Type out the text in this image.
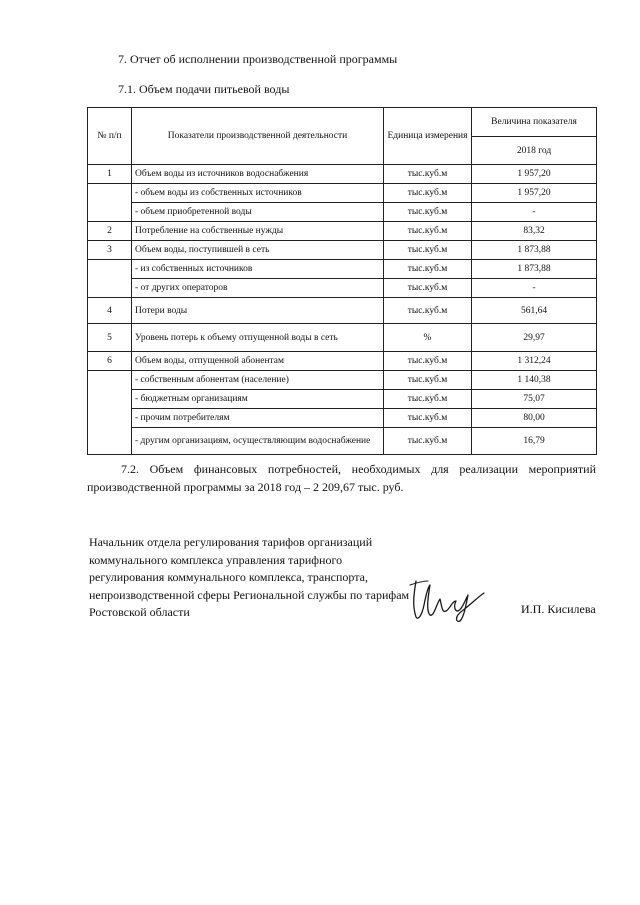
7. Отчет об исполнении производственной программы
7.1. Объем подачи питьевой воды
№ п/п	Показатели производственной деятельности	Единица измерения	Величина показателя
			2018 год
1	Объем воды из источников водоснабжения	тыс.куб.м	1 957,20
	- объем воды из собственных источников	тыс.куб.м	1 957,20
	- объем приобретенной воды	тыс.куб.м	-
2	Потребление на собственные нужды	тыс.куб.м	83,32
3	Объем воды, поступившей в сеть	тыс.куб.м	1 873,88
	- из собственных источников	тыс.куб.м	1 873,88
	- от других операторов	тыс.куб.м	-
4	Потери воды	тыс.куб.м	561,64
5	Уровень потерь к объему отпущенной воды в сеть	%	29,97
6	Объем воды, отпущенной абонентам	тыс.куб.м	1 312,24
	- собственным абонентам (население)	тыс.куб.м	1 140,38
	- бюджетным организациям	тыс.куб.м	75,07
	- прочим потребителям	тыс.куб.м	80,00
	- другим организациям, осуществляющим водоснабжение	тыс.куб.м	16,79
7.2. Объем финансовых потребностей, необходимых для реализации мероприятий производственной программы за 2018 год – 2 209,67 тыс. руб.
Начальник отдела регулирования тарифов организаций коммунального комплекса управления тарифного регулирования коммунального комплекса, транспорта, непроизводственной сферы Региональной службы по тарифам Ростовской области	И.П. Кисилева
